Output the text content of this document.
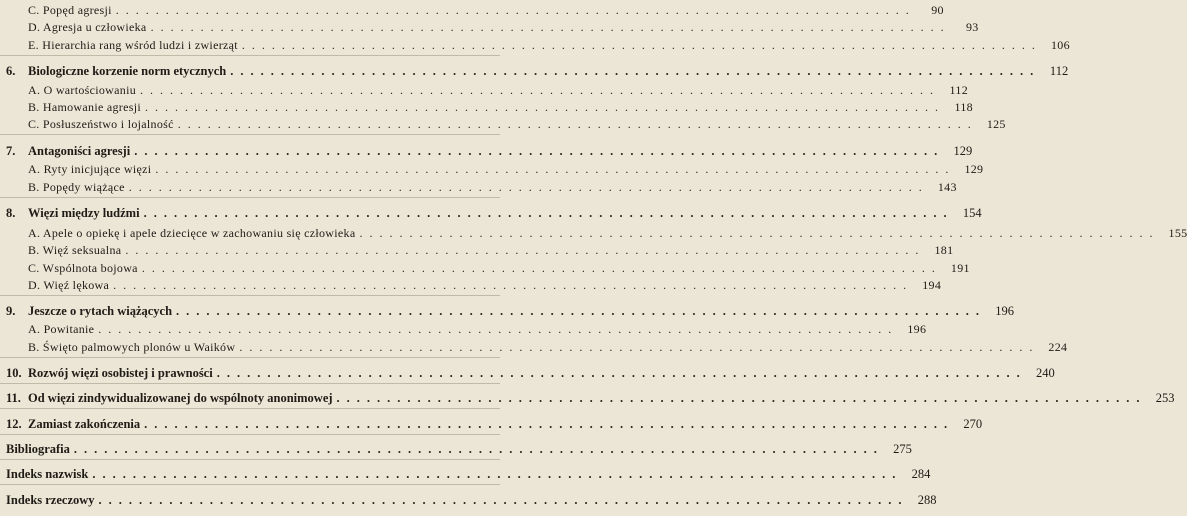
C. Popęd agresji ................................................................................	90
D. Agresja u człowieka ................................................................................	93
E. Hierarchia rang wśród ludzi i zwierząt ................................................................................ 106
6.	Biologiczne korzenie norm etycznych ................................................................................ 112
A. O wartościowaniu ................................................................................ 112
B. Hamowanie agresji ................................................................................ 118
C. Posłuszeństwo i lojalność ................................................................................ 125
7.	Antagoniści agresji ................................................................................ 129
A. Ryty inicjujące więzi ................................................................................ 129
B. Popędy wiążące ................................................................................ 143
8.	Więzi między ludźmi ................................................................................ 154
A. Apele o opiekę i apele dziecięce w zachowaniu się człowieka ................................................................................ 155
B. Więź seksualna ................................................................................ 181
C. Wspólnota bojowa ................................................................................ 191
D. Więź lękowa ................................................................................ 194
9.	Jeszcze o rytach wiążących ................................................................................ 196
A. Powitanie ................................................................................ 196
B. Święto palmowych plonów u Waików ................................................................................ 224
10. Rozwój więzi osobistej i prawności ................................................................................ 240
11. Od więzi zindywidualizowanej do wspólnoty anonimowej ................................................................................ 253
12. Zamiast zakończenia ................................................................................ 270
Bibliografia ................................................................................ 275
Indeks nazwisk ................................................................................ 284
Indeks rzeczowy ................................................................................ 288
